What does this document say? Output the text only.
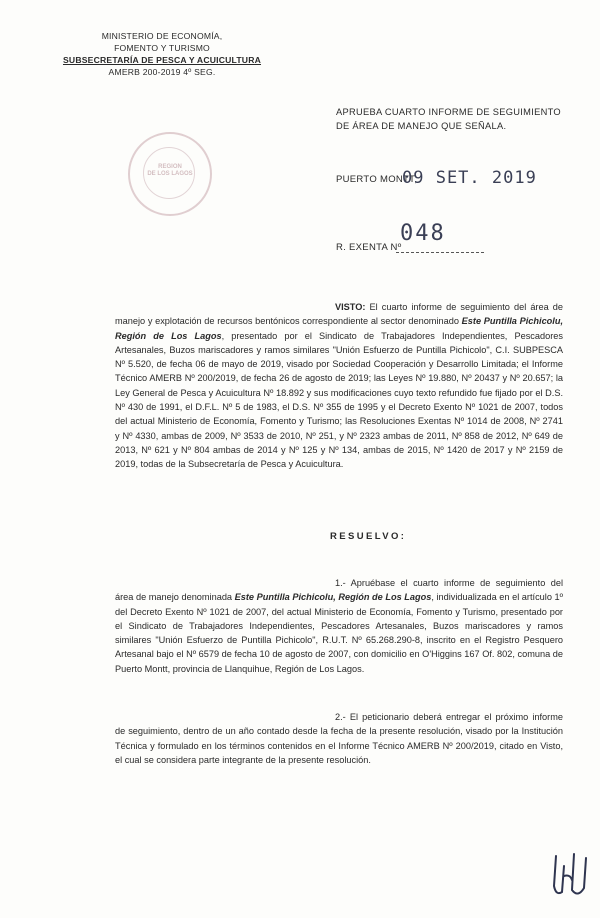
MINISTERIO DE ECONOMÍA,
FOMENTO Y TURISMO
SUBSECRETARÍA DE PESCA Y ACUICULTURA
AMERB 200-2019 4º SEG.
REGION
DE LOS LAGOS
APRUEBA CUARTO INFORME DE SEGUIMIENTO
DE ÁREA DE MANEJO QUE SEÑALA.
PUERTO MONTT,
09 SET. 2019
048
R. EXENTA Nº
VISTO: El cuarto informe de seguimiento del área de manejo y explotación de recursos bentónicos correspondiente al sector denominado Este Puntilla Pichicolu, Región de Los Lagos, presentado por el Sindicato de Trabajadores Independientes, Pescadores Artesanales, Buzos mariscadores y ramos similares "Unión Esfuerzo de Puntilla Pichicolo", C.I. SUBPESCA Nº 5.520, de fecha 06 de mayo de 2019, visado por Sociedad Cooperación y Desarrollo Limitada; el Informe Técnico AMERB Nº 200/2019, de fecha 26 de agosto de 2019; las Leyes Nº 19.880, Nº 20437 y Nº 20.657; la Ley General de Pesca y Acuicultura Nº 18.892 y sus modificaciones cuyo texto refundido fue fijado por el D.S. Nº 430 de 1991, el D.F.L. Nº 5 de 1983, el D.S. Nº 355 de 1995 y el Decreto Exento Nº 1021 de 2007, todos del actual Ministerio de Economía, Fomento y Turismo; las Resoluciones Exentas Nº 1014 de 2008, Nº 2741 y Nº 4330, ambas de 2009, Nº 3533 de 2010, Nº 251, y Nº 2323 ambas de 2011, Nº 858 de 2012, Nº 649 de 2013, Nº 621 y Nº 804 ambas de 2014 y Nº 125 y Nº 134, ambas de 2015, Nº 1420 de 2017 y Nº 2159 de 2019, todas de la Subsecretaría de Pesca y Acuicultura.
RESUELVO:
1.- Apruébase el cuarto informe de seguimiento del área de manejo denominada Este Puntilla Pichicolu, Región de Los Lagos, individualizada en el artículo 1º del Decreto Exento Nº 1021 de 2007, del actual Ministerio de Economía, Fomento y Turismo, presentado por el Sindicato de Trabajadores Independientes, Pescadores Artesanales, Buzos mariscadores y ramos similares "Unión Esfuerzo de Puntilla Pichicolo", R.U.T. Nº 65.268.290-8, inscrito en el Registro Pesquero Artesanal bajo el Nº 6579 de fecha 10 de agosto de 2007, con domicilio en O'Higgins 167 Of. 802, comuna de Puerto Montt, provincia de Llanquihue, Región de Los Lagos.
2.- El peticionario deberá entregar el próximo informe de seguimiento, dentro de un año contado desde la fecha de la presente resolución, visado por la Institución Técnica y formulado en los términos contenidos en el Informe Técnico AMERB Nº 200/2019, citado en Visto, el cual se considera parte integrante de la presente resolución.
